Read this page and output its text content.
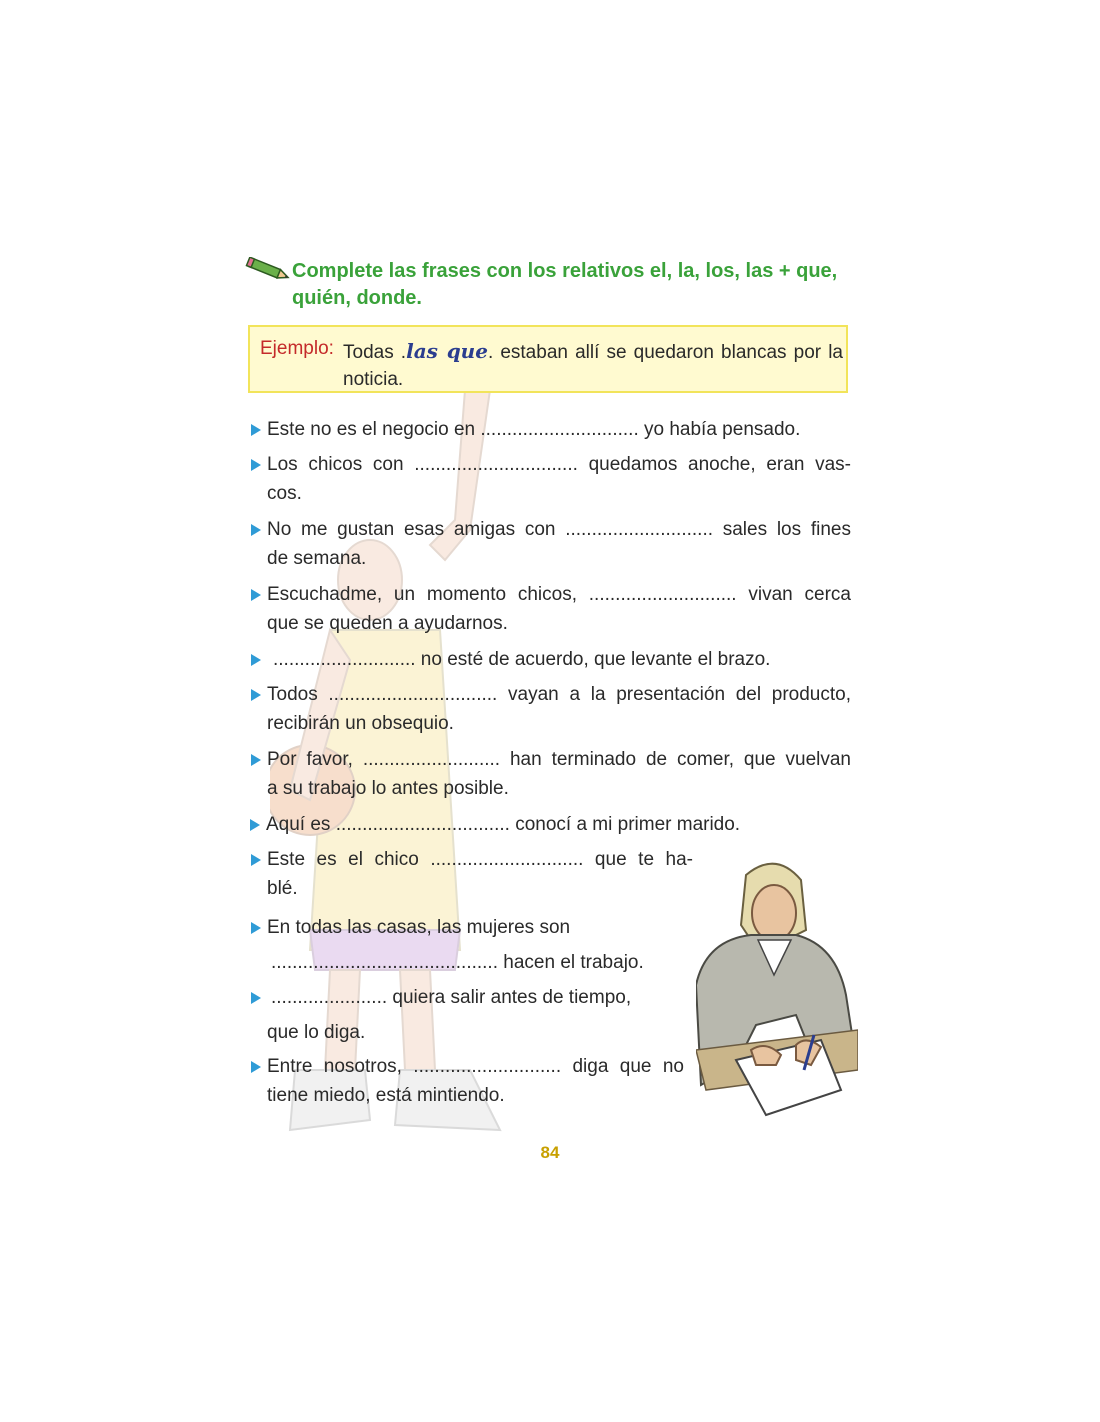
Complete las frases con los relativos el, la, los, las + que,
quién, donde.
Ejemplo: Todas .las que. estaban allí se quedaron blancas por la
noticia.
Este no es el negocio en .............................. yo había pensado.
Los chicos con ............................... quedamos anoche, eran vas-
cos.
No me gustan esas amigas con ............................ sales los fines
de semana.
Escuchadme, un momento chicos, ............................ vivan cerca
que se queden a ayudarnos.
........................... no esté de acuerdo, que levante el brazo.
Todos ................................ vayan a la presentación del producto,
recibirán un obsequio.
Por favor, .......................... han terminado de comer, que vuelvan
a su trabajo lo antes posible.
Aquí es ................................. conocí a mi primer marido.
Este es el chico ............................. que te ha-
blé.
En todas las casas, las mujeres son
........................................... hacen el trabajo.
...................... quiera salir antes de tiempo,
que lo diga.
Entre nosotros, ............................ diga que no
tiene miedo, está mintiendo.
84
